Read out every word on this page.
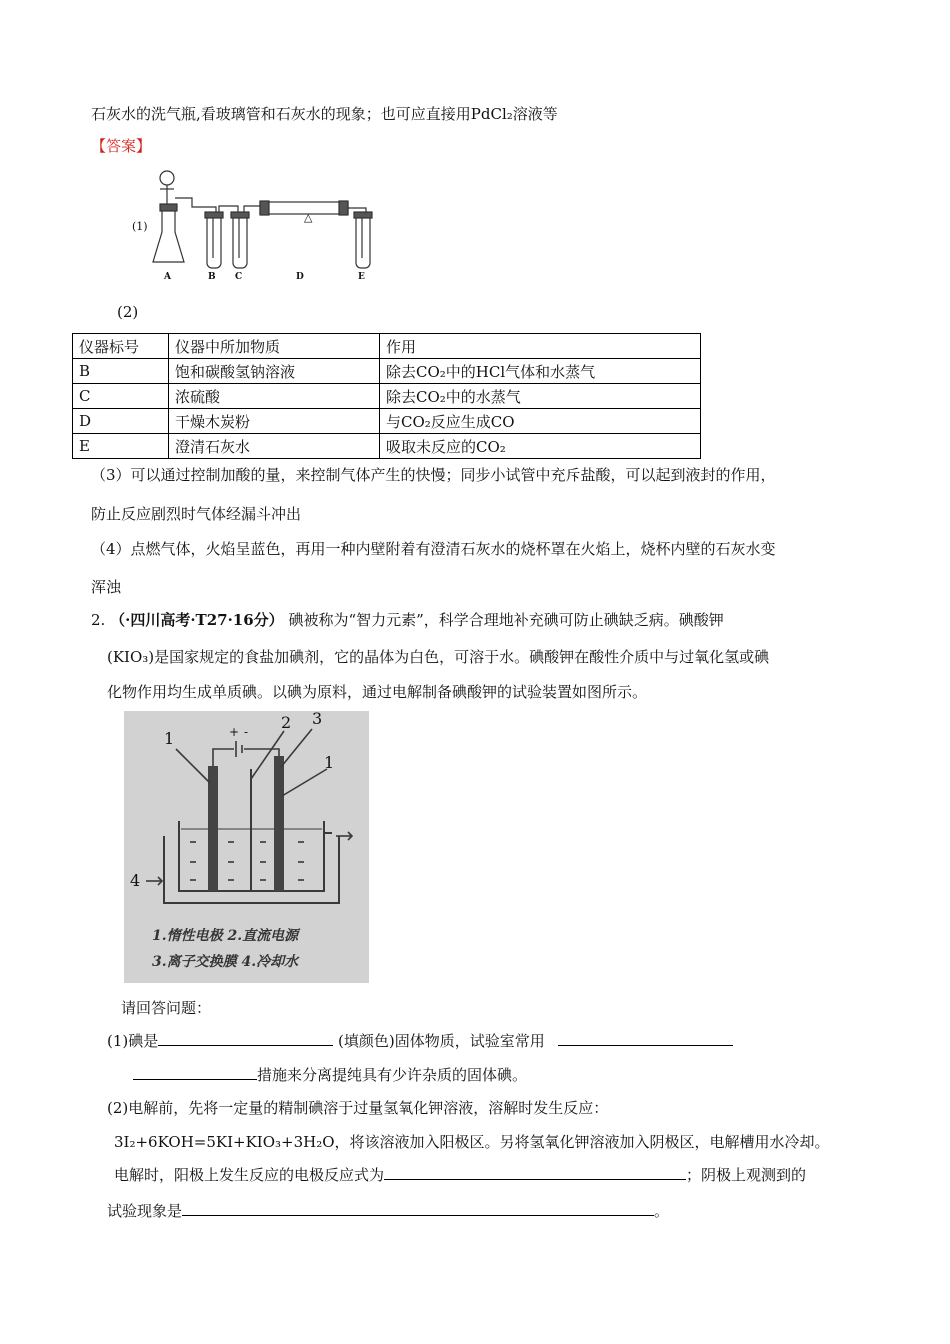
石灰水的洗气瓶,看玻璃管和石灰水的现象；也可应直接用PdCl₂溶液等
【答案】
△
(1)
A	B C	D	E
(2)
仪器标号	仪器中所加物质	作用
B	饱和碳酸氢钠溶液	除去CO₂中的HCl气体和水蒸气
C	浓硫酸	除去CO₂中的水蒸气
D	干燥木炭粉	与CO₂反应生成CO
E	澄清石灰水	吸取未反应的CO₂
（3）可以通过控制加酸的量，来控制气体产生的快慢；同步小试管中充斥盐酸，可以起到液封的作用，
防止反应剧烈时气体经漏斗冲出
（4）点燃气体，火焰呈蓝色，再用一种内壁附着有澄清石灰水的烧杯罩在火焰上，烧杯内壁的石灰水变
浑浊
2. （·四川高考·T27·16分） 碘被称为“智力元素”，科学合理地补充碘可防止碘缺乏病。碘酸钾
(KIO₃)是国家规定的食盐加碘剂，它的晶体为白色，可溶于水。碘酸钾在酸性介质中与过氧化氢或碘
化物作用均生成单质碘。以碘为原料，通过电解制备碘酸钾的试验装置如图所示。
1
2 3
1
4
+ -
1.惰性电极 2.直流电源
3.离子交换膜 4.冷却水
请回答问题：
(1)碘是	(填颜色)固体物质，试验室常用
措施来分离提纯具有少许杂质的固体碘。
(2)电解前，先将一定量的精制碘溶于过量氢氧化钾溶液，溶解时发生反应：
3I₂+6KOH=5KI+KIO₃+3H₂O，将该溶液加入阳极区。另将氢氧化钾溶液加入阴极区，电解槽用水冷却。
电解时，阳极上发生反应的电极反应式为	；阴极上观测到的
试验现象是	。
